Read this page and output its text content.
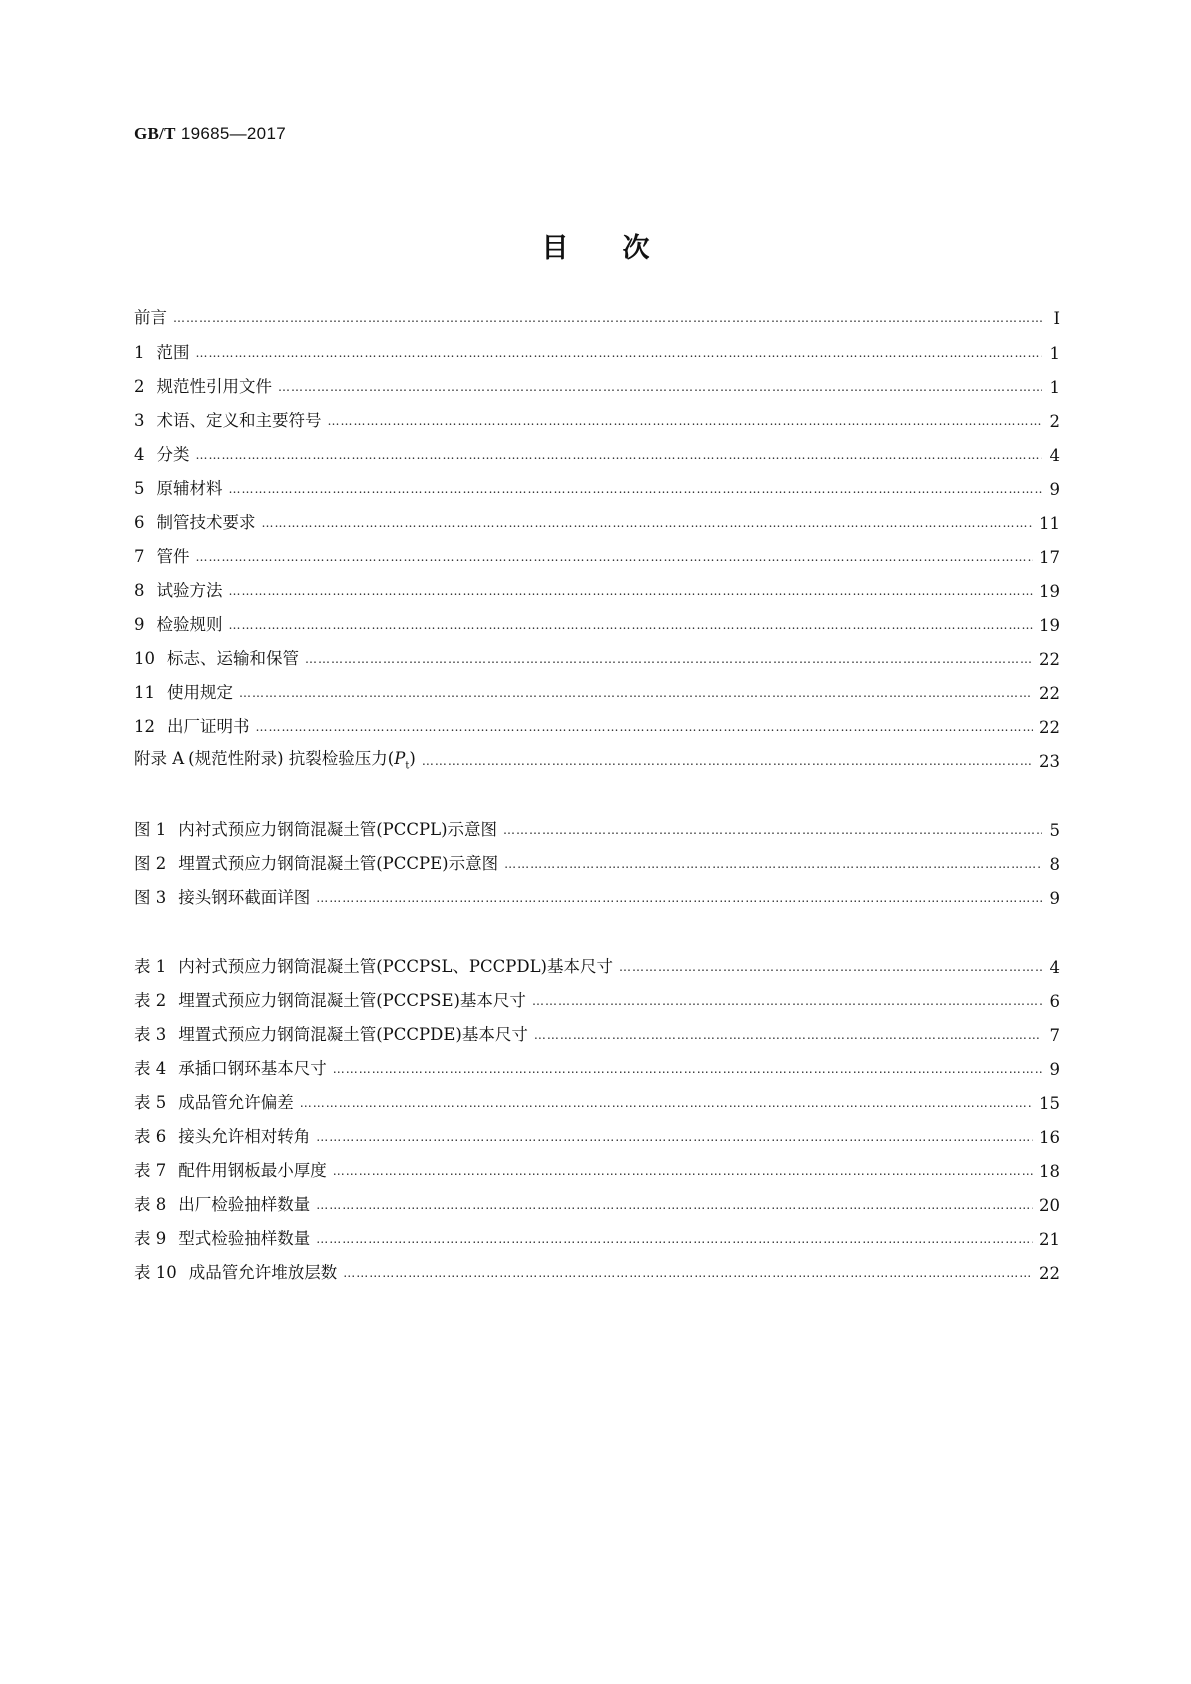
GB/T 19685—2017
目次
前言 …………………………………………………………………………………………………………………………………………………………………………………………………………………………………………………………………………………………	Ⅰ
1 范围 …………………………………………………………………………………………………………………………………………………………………………………………………………………………………………………………………………………………	1
2 规范性引用文件 …………………………………………………………………………………………………………………………………………………………………………………………………………………………………………………………………………………………	1
3 术语、定义和主要符号 …………………………………………………………………………………………………………………………………………………………………………………………………………………………………………………………………………………………	2
4 分类 …………………………………………………………………………………………………………………………………………………………………………………………………………………………………………………………………………………………	4
5 原辅材料 …………………………………………………………………………………………………………………………………………………………………………………………………………………………………………………………………………………………	9
6 制管技术要求 …………………………………………………………………………………………………………………………………………………………………………………………………………………………………………………………………………………………	11
7 管件 …………………………………………………………………………………………………………………………………………………………………………………………………………………………………………………………………………………………	17
8 试验方法 …………………………………………………………………………………………………………………………………………………………………………………………………………………………………………………………………………………………	19
9 检验规则 …………………………………………………………………………………………………………………………………………………………………………………………………………………………………………………………………………………………	19
10 标志、运输和保管 …………………………………………………………………………………………………………………………………………………………………………………………………………………………………………………………………………………………	22
11 使用规定 …………………………………………………………………………………………………………………………………………………………………………………………………………………………………………………………………………………………	22
12 出厂证明书 …………………………………………………………………………………………………………………………………………………………………………………………………………………………………………………………………………………………	22
附录 A (规范性附录) 抗裂检验压力$(P_t)$ …………………………………………………………………………………………………………………………………………………………………………………………………………………………………………………………………………………………	23
图 1 内衬式预应力钢筒混凝土管(PCCPL)示意图 …………………………………………………………………………………………………………………………………………………………………………………………………………………………………………………………………………………………	5
图 2 埋置式预应力钢筒混凝土管(PCCPE)示意图 …………………………………………………………………………………………………………………………………………………………………………………………………………………………………………………………………………………………	8
图 3 接头钢环截面详图 …………………………………………………………………………………………………………………………………………………………………………………………………………………………………………………………………………………………	9
表 1 内衬式预应力钢筒混凝土管(PCCPSL、PCCPDL)基本尺寸 …………………………………………………………………………………………………………………………………………………………………………………………………………………………………………………………………………………………	4
表 2 埋置式预应力钢筒混凝土管(PCCPSE)基本尺寸 …………………………………………………………………………………………………………………………………………………………………………………………………………………………………………………………………………………………	6
表 3 埋置式预应力钢筒混凝土管(PCCPDE)基本尺寸 …………………………………………………………………………………………………………………………………………………………………………………………………………………………………………………………………………………………	7
表 4 承插口钢环基本尺寸 …………………………………………………………………………………………………………………………………………………………………………………………………………………………………………………………………………………………	9
表 5 成品管允许偏差 …………………………………………………………………………………………………………………………………………………………………………………………………………………………………………………………………………………………	15
表 6 接头允许相对转角 …………………………………………………………………………………………………………………………………………………………………………………………………………………………………………………………………………………………	16
表 7 配件用钢板最小厚度 …………………………………………………………………………………………………………………………………………………………………………………………………………………………………………………………………………………………	18
表 8 出厂检验抽样数量 …………………………………………………………………………………………………………………………………………………………………………………………………………………………………………………………………………………………	20
表 9 型式检验抽样数量 …………………………………………………………………………………………………………………………………………………………………………………………………………………………………………………………………………………………	21
表 10 成品管允许堆放层数 …………………………………………………………………………………………………………………………………………………………………………………………………………………………………………………………………………………………	22
